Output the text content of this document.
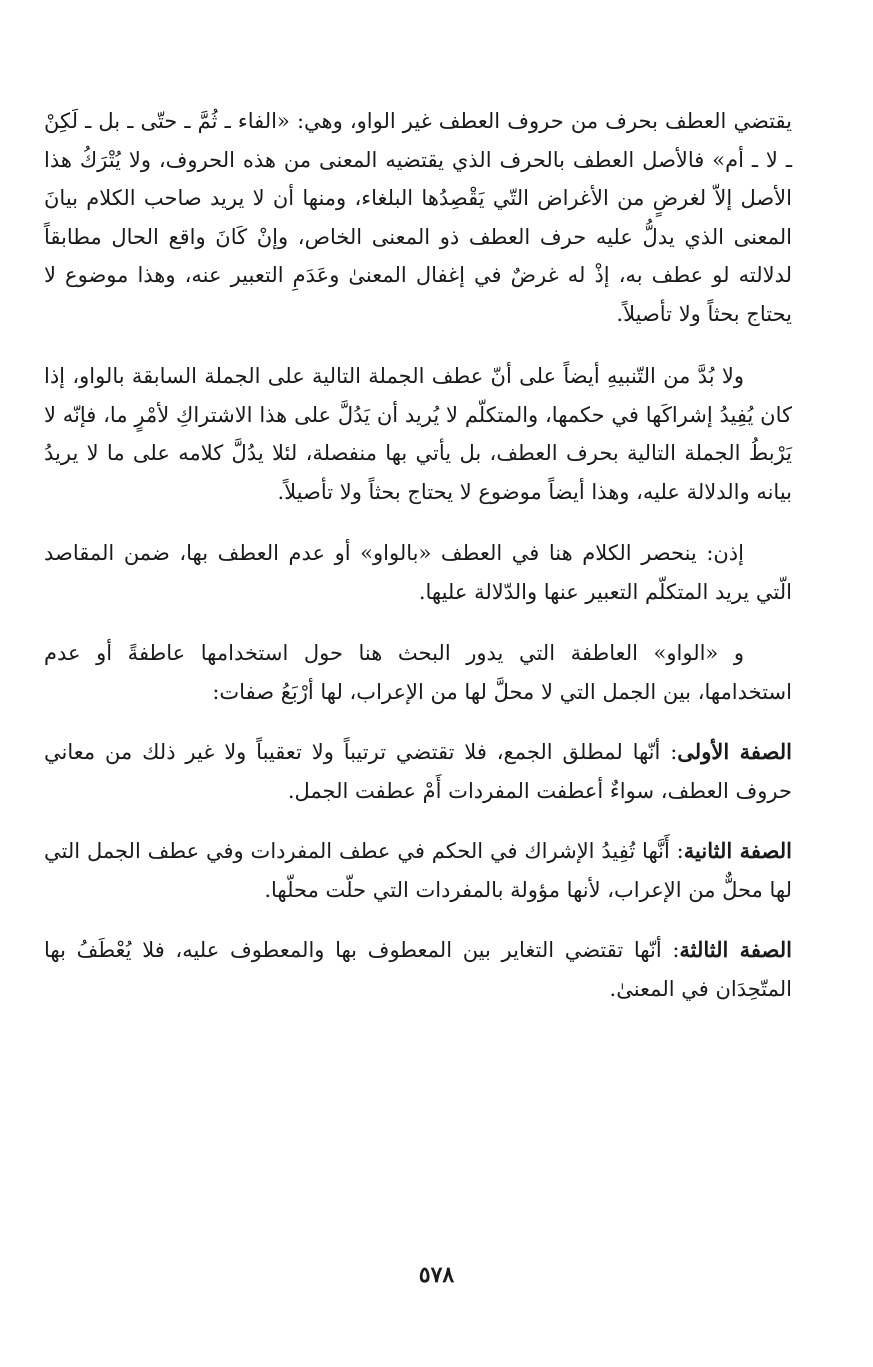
يقتضي العطف بحرف من حروف العطف غير الواو، وهي: «الفاء ـ ثُمَّ ـ حتّى ـ بل ـ لَكِنْ ـ لا ـ أم» فالأصل العطف بالحرف الذي يقتضيه المعنى من هذه الحروف، ولا يُتْرَكُ هذا الأصل إلاّ لغرضٍ من الأغراض التّي يَقْصِدُها البلغاء، ومنها أن لا يريد صاحب الكلام بيانَ المعنى الذي يدلُّ عليه حرف العطف ذو المعنى الخاص، وإنْ كَانَ واقع الحال مطابقاً لدلالته لو عطف به، إذْ له غرضٌ في إغفال المعنىٰ وعَدَمِ التعبير عنه، وهذا موضوع لا يحتاج بحثاً ولا تأصيلاً.

ولا بُدَّ من التّنبيهِ أيضاً على أنّ عطف الجملة التالية على الجملة السابقة بالواو، إذا كان يُفِيدُ إشراكَها في حكمها، والمتكلّم لا يُريد أن يَدُلَّ على هذا الاشتراكِ لأمْرٍ ما، فإنّه لا يَرْبطُ الجملة التالية بحرف العطف، بل يأتي بها منفصلة، لئلا يدُلَّ كلامه على ما لا يريدُ بيانه والدلالة عليه، وهذا أيضاً موضوع لا يحتاج بحثاً ولا تأصيلاً.

إذن: ينحصر الكلام هنا في العطف «بالواو» أو عدم العطف بها، ضمن المقاصد الّتي يريد المتكلّم التعبير عنها والدّلالة عليها.

و «الواو» العاطفة التي يدور البحث هنا حول استخدامها عاطفةً أو عدم استخدامها، بين الجمل التي لا محلَّ لها من الإعراب، لها أرْبَعُ صفات:

الصفة الأولى: أنّها لمطلق الجمع، فلا تقتضي ترتيباً ولا تعقيباً ولا غير ذلك من معاني حروف العطف، سواءٌ أعطفت المفردات أَمْ عطفت الجمل.

الصفة الثانية: أَنَّها تُفِيدُ الإشراك في الحكم في عطف المفردات وفي عطف الجمل التي لها محلٌّ من الإعراب، لأنها مؤولة بالمفردات التي حلّت محلّها.

الصفة الثالثة: أنّها تقتضي التغاير بين المعطوف بها والمعطوف عليه، فلا يُعْطَفُ بها المتّحِدَان في المعنىٰ.

٥٧٨
